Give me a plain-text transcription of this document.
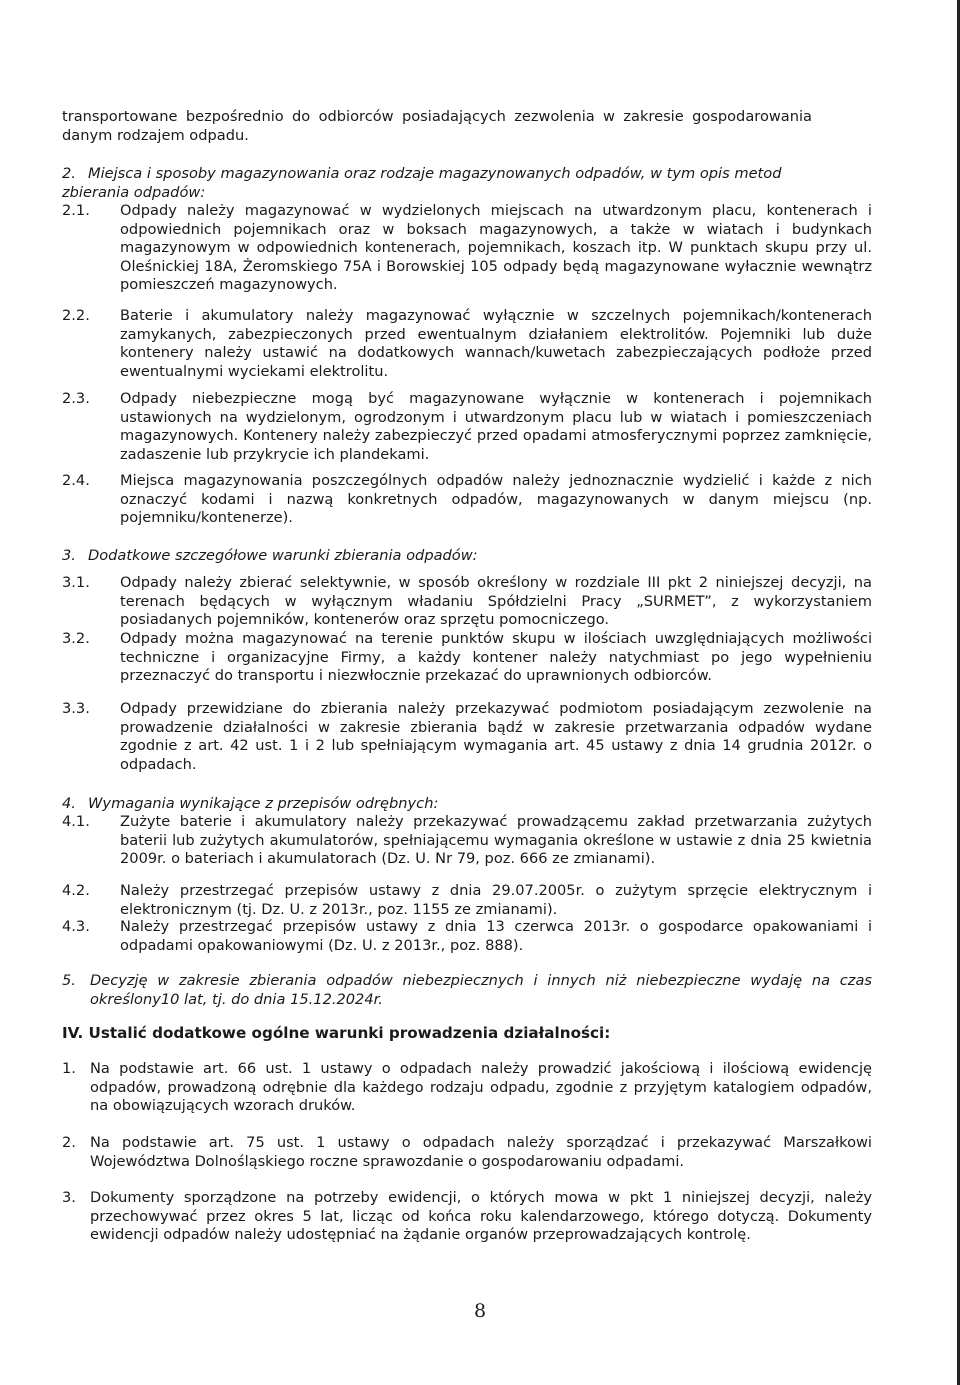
transportowane bezpośrednio do odbiorców posiadających zezwolenia w zakresie gospodarowania danym rodzajem odpadu.
2. Miejsca i sposoby magazynowania oraz rodzaje magazynowanych odpadów, w tym opis metod zbierania odpadów:
2.1. Odpady należy magazynować w wydzielonych miejscach na utwardzonym placu, kontenerach i odpowiednich pojemnikach oraz w boksach magazynowych, a także w wiatach i budynkach magazynowym w odpowiednich kontenerach, pojemnikach, koszach itp. W punktach skupu przy ul. Oleśnickiej 18A, Żeromskiego 75A i Borowskiej 105 odpady będą magazynowane wyłacznie wewnątrz pomieszczeń magazynowych.
2.2. Baterie i akumulatory należy magazynować wyłącznie w szczelnych pojemnikach/kontenerach zamykanych, zabezpieczonych przed ewentualnym działaniem elektrolitów. Pojemniki lub duże kontenery należy ustawić na dodatkowych wannach/kuwetach zabezpieczających podłoże przed ewentualnymi wyciekami elektrolitu.
2.3. Odpady niebezpieczne mogą być magazynowane wyłącznie w kontenerach i pojemnikach ustawionych na wydzielonym, ogrodzonym i utwardzonym placu lub w wiatach i pomieszczeniach magazynowych. Kontenery należy zabezpieczyć przed opadami atmosferycznymi poprzez zamknięcie, zadaszenie lub przykrycie ich plandekami.
2.4. Miejsca magazynowania poszczególnych odpadów należy jednoznacznie wydzielić i każde z nich oznaczyć kodami i nazwą konkretnych odpadów, magazynowanych w danym miejscu (np. pojemniku/kontenerze).
3. Dodatkowe szczegółowe warunki zbierania odpadów:
3.1. Odpady należy zbierać selektywnie, w sposób określony w rozdziale III pkt 2 niniejszej decyzji, na terenach będących w wyłącznym władaniu Spółdzielni Pracy „SURMET”, z wykorzystaniem posiadanych pojemników, kontenerów oraz sprzętu pomocniczego.
3.2. Odpady można magazynować na terenie punktów skupu w ilościach uwzględniających możliwości techniczne i organizacyjne Firmy, a każdy kontener należy natychmiast po jego wypełnieniu przeznaczyć do transportu i niezwłocznie przekazać do uprawnionych odbiorców.
3.3. Odpady przewidziane do zbierania należy przekazywać podmiotom posiadającym zezwolenie na prowadzenie działalności w zakresie zbierania bądź w zakresie przetwarzania odpadów wydane zgodnie z art. 42 ust. 1 i 2 lub spełniającym wymagania art. 45 ustawy z dnia 14 grudnia 2012r. o odpadach.
4. Wymagania wynikające z przepisów odrębnych:
4.1. Zużyte baterie i akumulatory należy przekazywać prowadzącemu zakład przetwarzania zużytych baterii lub zużytych akumulatorów, spełniającemu wymagania określone w ustawie z dnia 25 kwietnia 2009r. o bateriach i akumulatorach (Dz. U. Nr 79, poz. 666 ze zmianami).
4.2. Należy przestrzegać przepisów ustawy z dnia 29.07.2005r. o zużytym sprzęcie elektrycznym i elektronicznym (tj. Dz. U. z 2013r., poz. 1155 ze zmianami).
4.3. Należy przestrzegać przepisów ustawy z dnia 13 czerwca 2013r. o gospodarce opakowaniami i odpadami opakowaniowymi (Dz. U. z 2013r., poz. 888).
5. Decyzję w zakresie zbierania odpadów niebezpiecznych i innych niż niebezpieczne wydaję na czas określony10 lat, tj. do dnia 15.12.2024r.
IV. Ustalić dodatkowe ogólne warunki prowadzenia działalności:
1. Na podstawie art. 66 ust. 1 ustawy o odpadach należy prowadzić jakościową i ilościową ewidencję odpadów, prowadzoną odrębnie dla każdego rodzaju odpadu, zgodnie z przyjętym katalogiem odpadów, na obowiązujących wzorach druków.
2. Na podstawie art. 75 ust. 1 ustawy o odpadach należy sporządzać i przekazywać Marszałkowi Województwa Dolnośląskiego roczne sprawozdanie o gospodarowaniu odpadami.
3. Dokumenty sporządzone na potrzeby ewidencji, o których mowa w pkt 1 niniejszej decyzji, należy przechowywać przez okres 5 lat, licząc od końca roku kalendarzowego, którego dotyczą. Dokumenty ewidencji odpadów należy udostępniać na żądanie organów przeprowadzających kontrolę.
8
